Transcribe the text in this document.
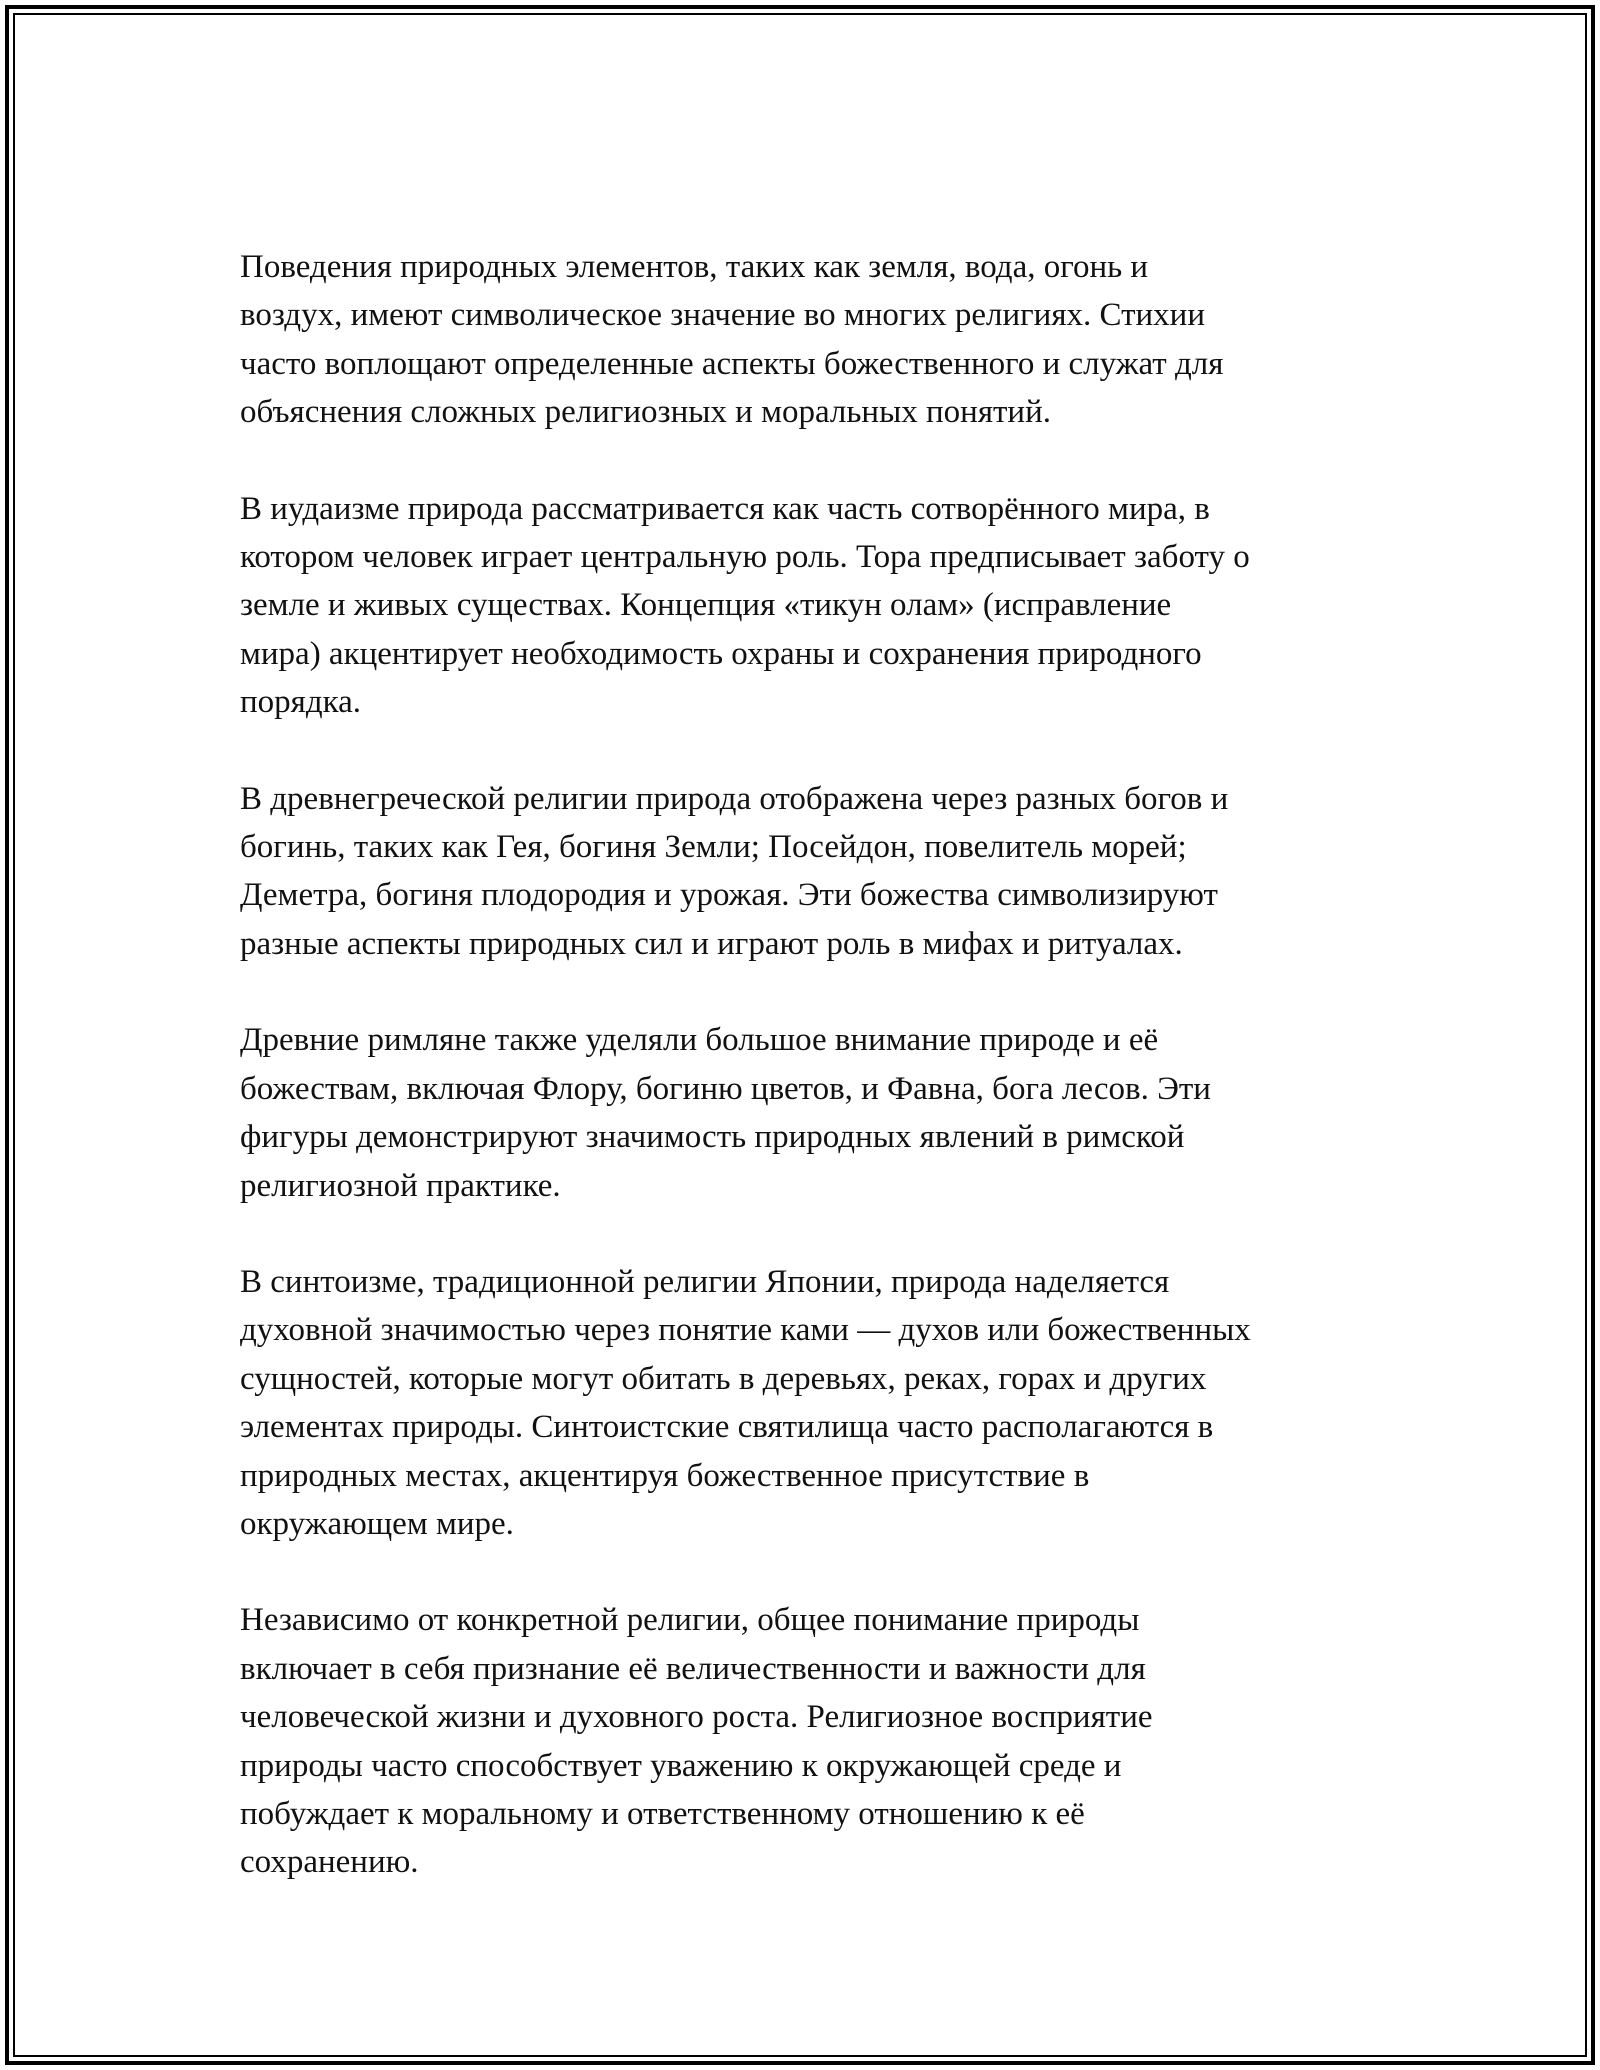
Поведения природных элементов, таких как земля, вода, огонь и
воздух, имеют символическое значение во многих религиях. Стихии
часто воплощают определенные аспекты божественного и служат для
объяснения сложных религиозных и моральных понятий.

В иудаизме природа рассматривается как часть сотворённого мира, в
котором человек играет центральную роль. Тора предписывает заботу о
земле и живых существах. Концепция «тикун олам» (исправление
мира) акцентирует необходимость охраны и сохранения природного
порядка.

В древнегреческой религии природа отображена через разных богов и
богинь, таких как Гея, богиня Земли; Посейдон, повелитель морей;
Деметра, богиня плодородия и урожая. Эти божества символизируют
разные аспекты природных сил и играют роль в мифах и ритуалах.

Древние римляне также уделяли большое внимание природе и её
божествам, включая Флору, богиню цветов, и Фавна, бога лесов. Эти
фигуры демонстрируют значимость природных явлений в римской
религиозной практике.

В синтоизме, традиционной религии Японии, природа наделяется
духовной значимостью через понятие ками — духов или божественных
сущностей, которые могут обитать в деревьях, реках, горах и других
элементах природы. Синтоистские святилища часто располагаются в
природных местах, акцентируя божественное присутствие в
окружающем мире.

Независимо от конкретной религии, общее понимание природы
включает в себя признание её величественности и важности для
человеческой жизни и духовного роста. Религиозное восприятие
природы часто способствует уважению к окружающей среде и
побуждает к моральному и ответственному отношению к её
сохранению.
